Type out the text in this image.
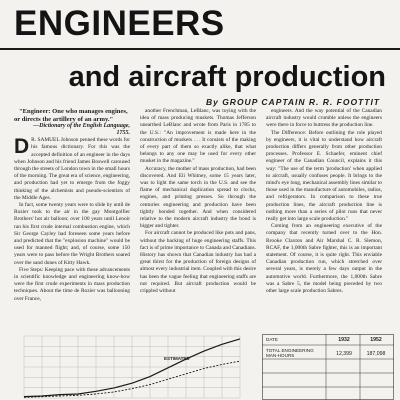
ENGINEERS
and aircraft production
By GROUP CAPTAIN R. R. FOOTTIT

"Engineer: One who manages engines, or directs the artillery of an army."

—Dictionary of the English Language, 1755.

D R. SAMUEL Johnson penned these words for his famous dictionary. For this was the accepted definition of an engineer in the days when Johnson and his friend James Boswell caroused through the streets of London town in the small hours of the morning. The great era of science, engineering, and production had yet to emerge from the foggy thinking of the alchemists and pseudo-scientists of the Middle Ages.

In fact, some twenty years were to slide by until de Rozier took to the air in the gay Montgolfier Brothers' hot air balloon; over 100 years until Lenoir ran his first crude internal combustion engine, which Sir George Cayley had foreseen some years before and predicted that the "explosion machine" would be used for manned flight; and, of course, some 150 years were to pass before the Wright Brothers soared over the sand dunes of Kitty Hawk.

Five Steps: Keeping pace with these advancements in scientific knowledge and engineering know-how were the first crude experiments in mass production techniques. About the time de Rozier was ballooning over France,

another Frenchman, LeBlanc, was toying with the idea of mass producing muskets. Thomas Jefferson unearthed LeBlanc and wrote from Paris in 1785 to the U.S.: "An improvement is made here in the construction of muskets . . . It consists of the making of every part of them so exactly alike, that what belongs to any one may be used for every other musket in the magazine."

Accuracy, the mother of mass production, had been discovered. And Eli Whitney, some 15 years later, was to light the same torch in the U.S. and see the flame of mechanical duplication spread to clocks, engines, and printing presses. So through the centuries engineering and production have been tightly bonded together. And when considered relative to the modern aircraft industry the bond is bigger and tighter.

For aircraft cannot be produced like pots and pans, without the backing of huge engineering staffs. This fact is of prime importance to Canada and Canadians. History has shown that Canadian industry has had a great thirst for the production of foreign designs of almost every industrial item. Coupled with this desire has been the vague feeling that engineering staffs are not required. But aircraft production would be crippled without

engineers. And the way potential of the Canadian aircraft industry would crumble unless the engineers were there in force to buttress the production line.

The Difference: Before outlining the role played by engineers, it is vital to understand how aircraft production differs generally from other production processes. Professor E. Schaefer, eminent chief engineer of the Canadian Council, explains it this way: "The use of the term 'production' when applied to aircraft, usually confuses people. It brings to the mind's eye long, mechanical assembly lines similar to those used in the manufacture of automobiles, radios, and refrigerators. In comparison to these true production lines, the aircraft production line is nothing more than a series of pilot runs that never really get into large scale production."

Coming from an engineering executive of the company that recently turned over to the Hon. Brooke Claxton and Air Marshal C. R. Slemon, RCAF, the 1,000th Sabre fighter, this is an important statement. Of course, it is quite right. This enviable Canadian production run, which stretched over several years, is merely a few days output in the automotive world. Furthermore, the 1,000th Sabre was a Sabre 5, the model being preceded by two other large scale production Sabres.

ESTIMATED
DATE	1932	1952
TOTAL ENGINEERING MAN-HOURS	12,399	187,098
